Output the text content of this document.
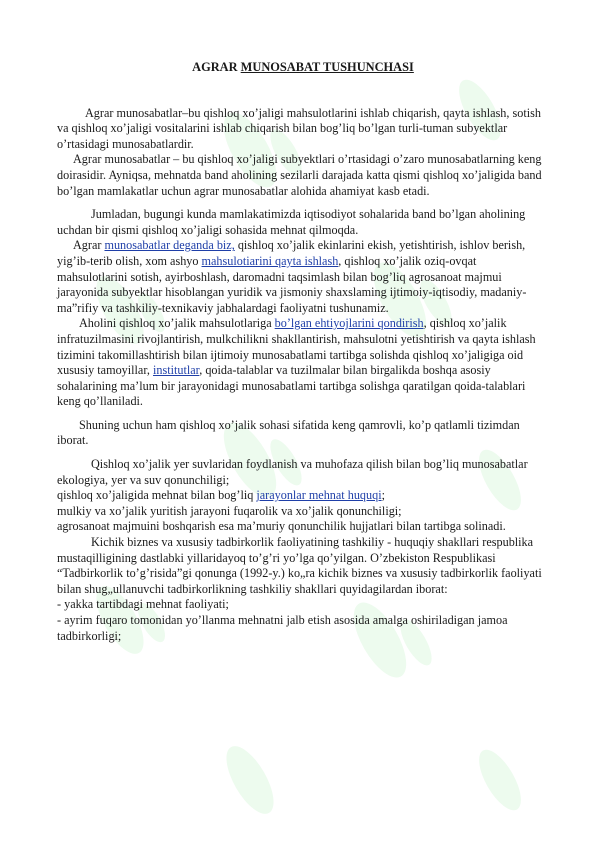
AGRAR MUNOSABAT TUSHUNCHASI

Agrar munosabatlar–bu qishloq xo’jaligi mahsulotlarini ishlab chiqarish, qayta ishlash, sotish va qishloq xo’jaligi vositalarini ishlab chiqarish bilan bog’liq bo’lgan turli-tuman subyektlar o’rtasidagi munosabatlardir.

Agrar munosabatlar – bu qishloq xo’jaligi subyektlari o’rtasidagi o’zaro munosabatlarning keng doirasidir. Ayniqsa, mehnatda band aholining sezilarli darajada katta qismi qishloq xo’jaligida band bo’lgan mamlakatlar uchun agrar munosabatlar alohida ahamiyat kasb etadi.

Jumladan, bugungi kunda mamlakatimizda iqtisodiyot sohalarida band bo’lgan aholining uchdan bir qismi qishloq xo’jaligi sohasida mehnat qilmoqda.

Agrar munosabatlar deganda biz, qishloq xo’jalik ekinlarini ekish, yetishtirish, ishlov berish, yig’ib-terib olish, xom ashyo mahsulotiarini qayta ishlash, qishloq xo’jalik oziq-ovqat mahsulotlarini sotish, ayirboshlash, daromadni taqsimlash bilan bog’liq agrosanoat majmui jarayonida subyektlar hisoblangan yuridik va jismoniy shaxslaming ijtimoiy-iqtisodiy, madaniy-ma”rifiy va tashkiliy-texnikaviy jabhalardagi faoliyatni tushunamiz.

Aholini qishloq xo’jalik mahsulotlariga bo’lgan ehtiyojlarini qondirish, qishloq xo’jalik infratuzilmasini rivojlantirish, mulkchilikni shakllantirish, mahsulotni yetishtirish va qayta ishlash tizimini takomillashtirish bilan ijtimoiy munosabatlami tartibga solishda qishloq xo’jaligiga oid xususiy tamoyillar, institutlar, qoida-talablar va tuzilmalar bilan birgalikda boshqa asosiy sohalarining ma’lum bir jarayonidagi munosabatlami tartibga solishga qaratilgan qoida-talablari keng qo’llaniladi.

Shuning uchun ham qishloq xo’jalik sohasi sifatida keng qamrovli, ko’p qatlamli tizimdan iborat.

Qishloq xo’jalik yer suvlaridan foydlanish va muhofaza qilish bilan bog’liq munosabatlar ekologiya, yer va suv qonunchiligi;

qishloq xo’jaligida mehnat bilan bog’liq jarayonlar mehnat huquqi;

mulkiy va xo’jalik yuritish jarayoni fuqarolik va xo’jalik qonunchiligi;

agrosanoat majmuini boshqarish esa ma’muriy qonunchilik hujjatlari bilan tartibga solinadi.

Kichik biznes va xususiy tadbirkorlik faoliyatining tashkiliy - huquqiy shakllari respublika mustaqilligining dastlabki yillaridayoq to’g’ri yo’lga qo’yilgan. O’zbekiston Respublikasi “Tadbirkorlik to’g’risida”gi qonunga (1992-y.) ko„ra kichik biznes va xususiy tadbirkorlik faoliyati bilan shug„ullanuvchi tadbirkorlikning tashkiliy shakllari quyidagilardan iborat:

- yakka tartibdagi mehnat faoliyati;

- ayrim fuqaro tomonidan yo’llanma mehnatni jalb etish asosida amalga oshiriladigan jamoa tadbirkorligi;
